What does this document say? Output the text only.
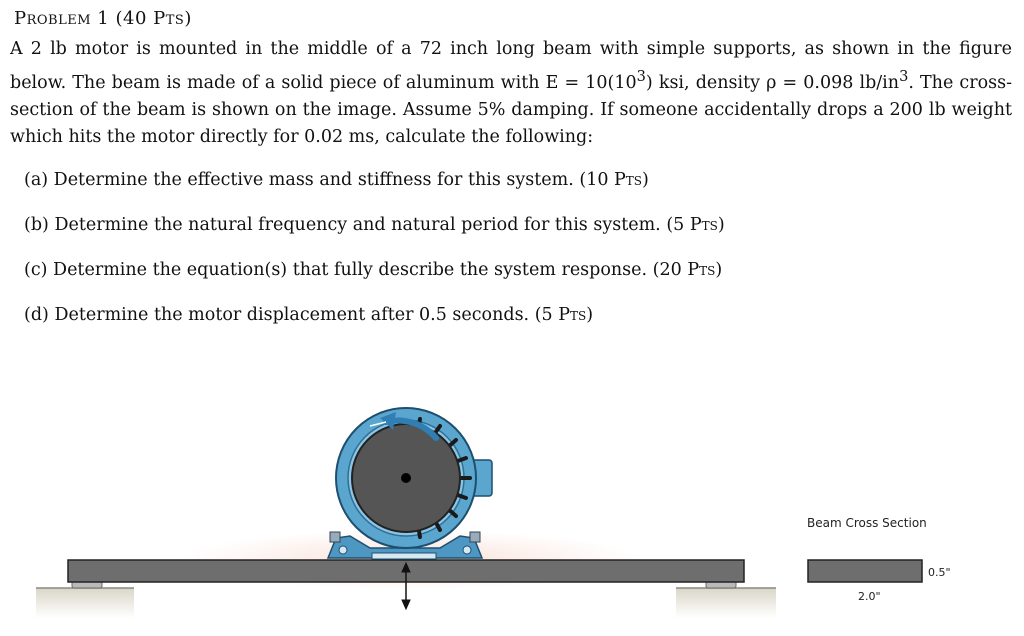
Problem 1 (40 Pts)
A 2 lb motor is mounted in the middle of a 72 inch long beam with simple supports, as shown in the figure below. The beam is made of a solid piece of aluminum with $E = 10(10^3)$ ksi, density ρ = 0.098 $lb/in^3$. The cross-section of the beam is shown on the image. Assume 5% damping. If someone accidentally drops a 200 lb weight which hits the motor directly for 0.02 ms, calculate the following:
(a) Determine the effective mass and stiffness for this system. (10 Pts)
(b) Determine the natural frequency and natural period for this system. (5 Pts)
(c) Determine the equation(s) that fully describe the system response. (20 Pts)
(d) Determine the motor displacement after 0.5 seconds. (5 Pts)
Beam Cross Section
0.5"
2.0"
